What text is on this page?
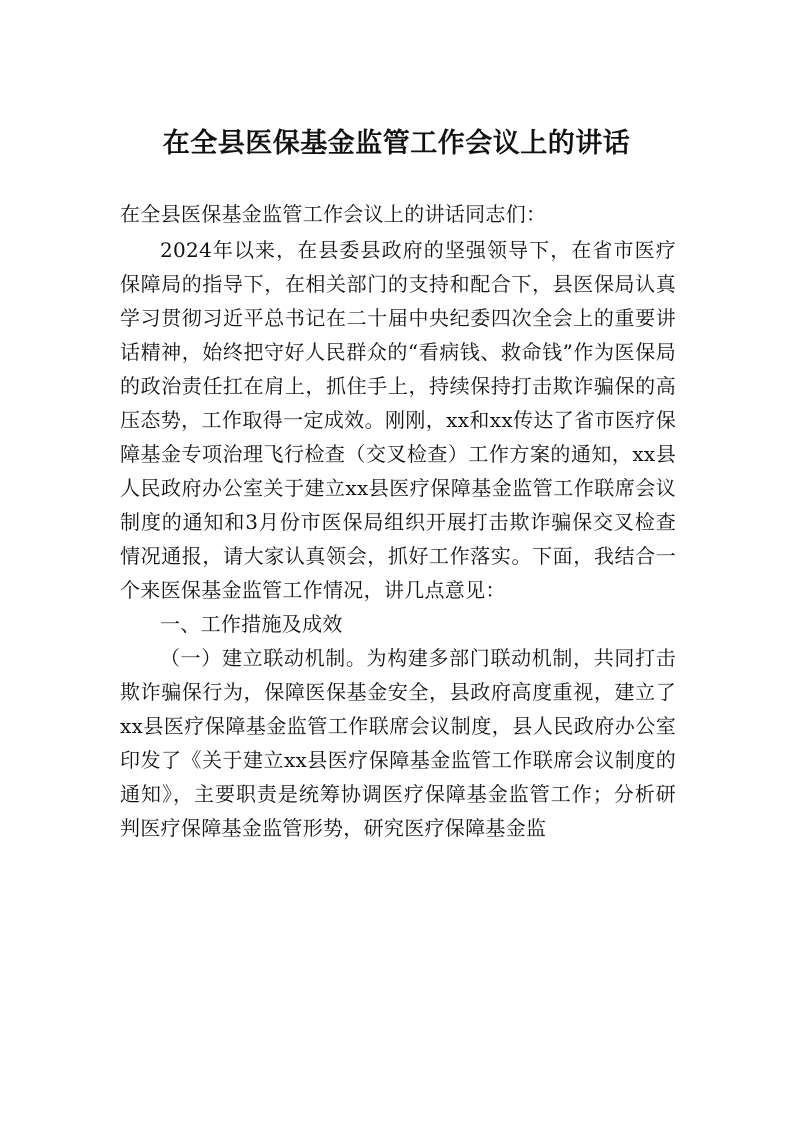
在全县医保基金监管工作会议上的讲话

在全县医保基金监管工作会议上的讲话同志们：

2024年以来，在县委县政府的坚强领导下，在省市医疗保障局的指导下，在相关部门的支持和配合下，县医保局认真学习贯彻习近平总书记在二十届中央纪委四次全会上的重要讲话精神，始终把守好人民群众的“看病钱、救命钱”作为医保局的政治责任扛在肩上，抓住手上，持续保持打击欺诈骗保的高压态势，工作取得一定成效。刚刚，xx和xx传达了省市医疗保障基金专项治理飞行检查（交叉检查）工作方案的通知，xx县人民政府办公室关于建立xx县医疗保障基金监管工作联席会议制度的通知和3月份市医保局组织开展打击欺诈骗保交叉检查情况通报，请大家认真领会，抓好工作落实。下面，我结合一个来医保基金监管工作情况，讲几点意见：

一、工作措施及成效

（一）建立联动机制。为构建多部门联动机制，共同打击欺诈骗保行为，保障医保基金安全，县政府高度重视，建立了xx县医疗保障基金监管工作联席会议制度，县人民政府办公室印发了《关于建立xx县医疗保障基金监管工作联席会议制度的通知》，主要职责是统筹协调医疗保障基金监管工作；分析研判医疗保障基金监管形势，研究医疗保障基金监
